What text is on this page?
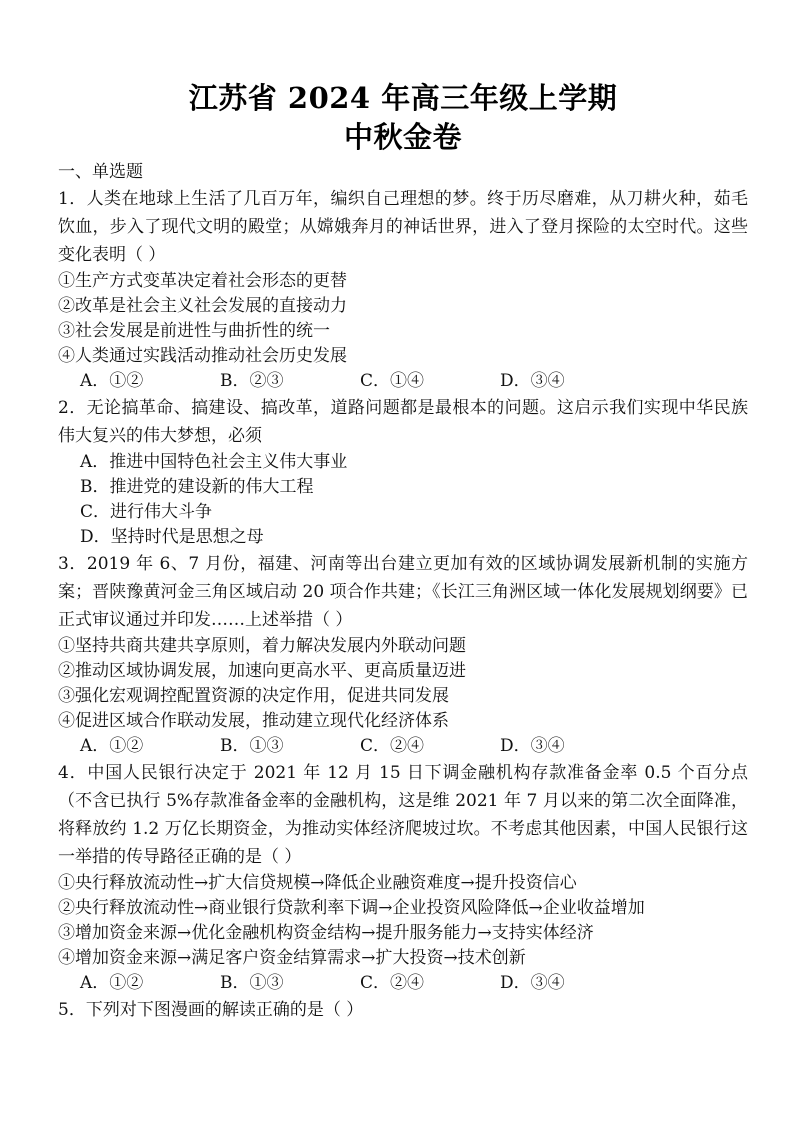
江苏省 2024 年高三年级上学期
中秋金卷
一、单选题

1．人类在地球上生活了几百万年，编织自己理想的梦。终于历尽磨难，从刀耕火种，茹毛饮血，步入了现代文明的殿堂；从嫦娥奔月的神话世界，进入了登月探险的太空时代。这些变化表明（ ）

①生产方式变革决定着社会形态的更替

②改革是社会主义社会发展的直接动力

③社会发展是前进性与曲折性的统一

④人类通过实践活动推动社会历史发展

A．①②	B．②③	C．①④	D．③④

2．无论搞革命、搞建设、搞改革，道路问题都是最根本的问题。这启示我们实现中华民族伟大复兴的伟大梦想，必须

A．推进中国特色社会主义伟大事业

B．推进党的建设新的伟大工程

C．进行伟大斗争

D．坚持时代是思想之母

3．2019 年 6、7 月份，福建、河南等出台建立更加有效的区域协调发展新机制的实施方案；晋陕豫黄河金三角区域启动 20 项合作共建；《长江三角洲区域一体化发展规划纲要》已正式审议通过并印发……上述举措（ ）

①坚持共商共建共享原则，着力解决发展内外联动问题

②推动区域协调发展，加速向更高水平、更高质量迈进

③强化宏观调控配置资源的决定作用，促进共同发展

④促进区域合作联动发展，推动建立现代化经济体系

A．①②	B．①③	C．②④	D．③④

4．中国人民银行决定于 2021 年 12 月 15 日下调金融机构存款准备金率 0.5 个百分点（不含已执行 5%存款准备金率的金融机构，这是维 2021 年 7 月以来的第二次全面降准，将释放约 1.2 万亿长期资金，为推动实体经济爬坡过坎。不考虑其他因素，中国人民银行这一举措的传导路径正确的是（ ）

①央行释放流动性→扩大信贷规模→降低企业融资难度→提升投资信心

②央行释放流动性→商业银行贷款利率下调→企业投资风险降低→企业收益增加

③增加资金来源→优化金融机构资金结构→提升服务能力→支持实体经济

④增加资金来源→满足客户资金结算需求→扩大投资→技术创新

A．①②	B．①③	C．②④	D．③④

5．下列对下图漫画的解读正确的是（ ）
